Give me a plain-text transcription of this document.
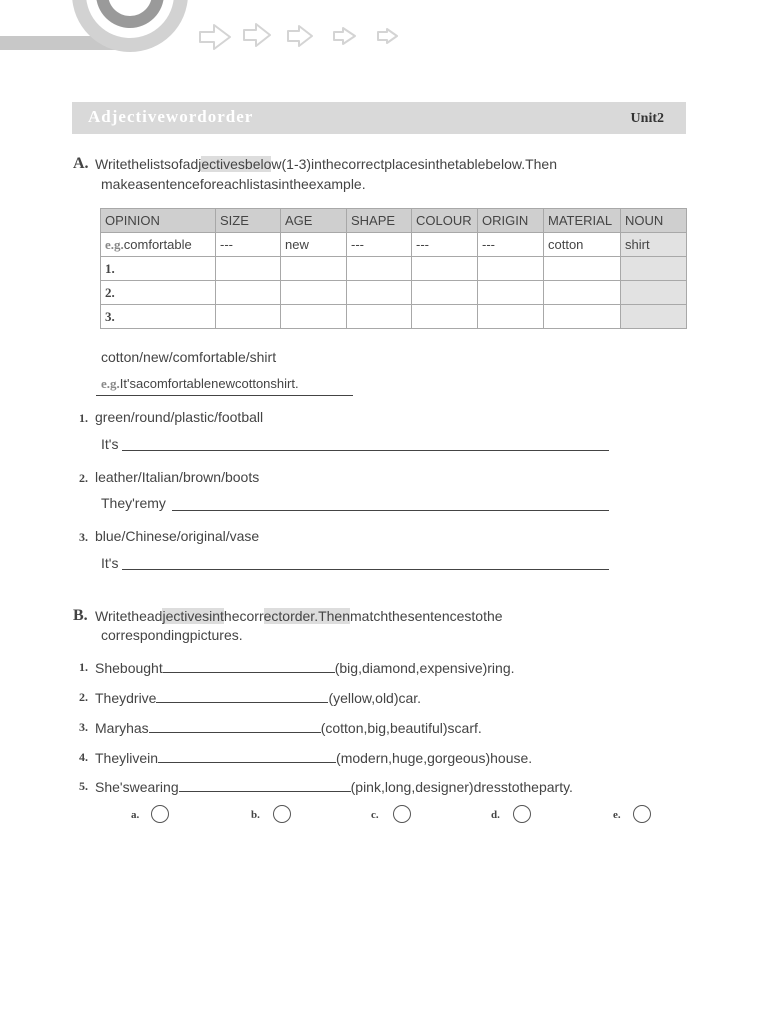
Adjectivewordorder	Unit2
A. Writethelistsofadjectivesbelow(1-3)inthecorrectplacesinthetablebelow.Then
makeasentenceforeachlistasintheexample.
OPINION	SIZE	AGE	SHAPE	COLOUR	ORIGIN	MATERIAL	NOUN
e.g.comfortable	---	new	---	---	---	cotton	shirt
1.							
2.							
3.							
cotton/new/comfortable/shirt
e.g.It'sacomfortablenewcottonshirt.
1. green/round/plastic/football
It's
2. leather/Italian/brown/boots
They'remy
3. blue/Chinese/original/vase
It's
B. Writetheadjectivesinthecorrectorder.Thenmatchthesentencestothe
correspondingpictures.
1. Shebought	(big,diamond,expensive)ring.
2. Theydrive	(yellow,old)car.
3. Maryhas	(cotton,big,beautiful)scarf.
4. Theylivein	(modern,huge,gorgeous)house.
5. She'swearing	(pink,long,designer)dresstotheparty.
a.	b.	c.	d.	e.
